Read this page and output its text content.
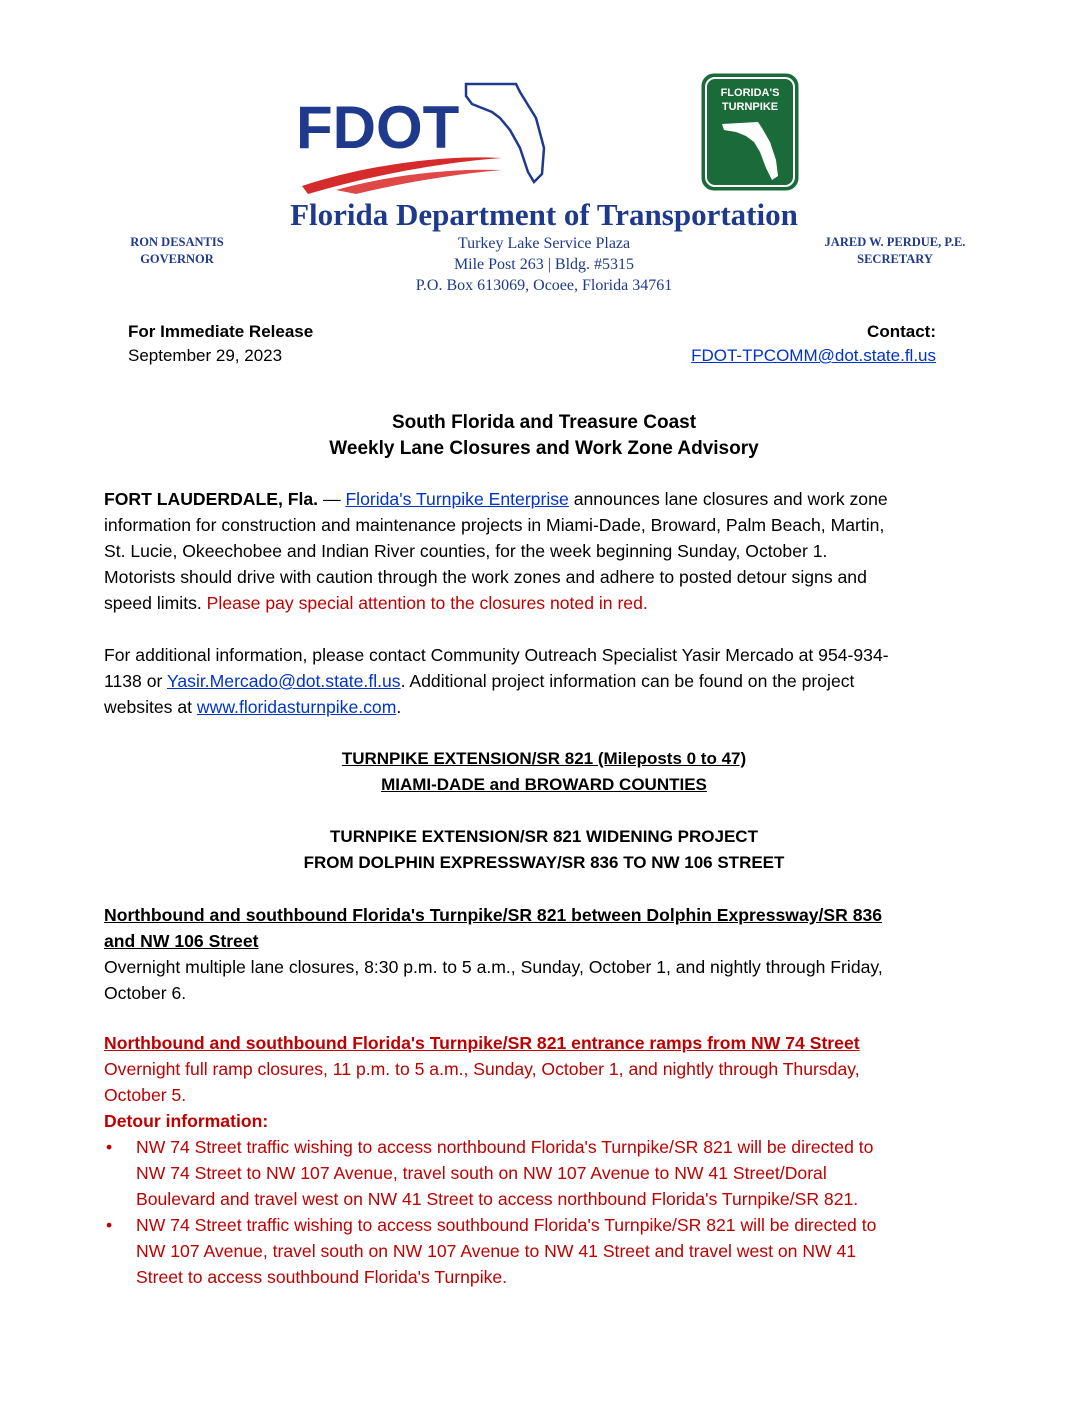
FDOT
FLORIDA'S
TURNPIKE
Florida Department of Transportation
Turkey Lake Service Plaza
Mile Post 263 | Bldg. #5315
P.O. Box 613069, Ocoee, Florida 34761
RON DESANTIS
GOVERNOR
JARED W. PERDUE, P.E.
SECRETARY
For Immediate Release
September 29, 2023
Contact:
FDOT-TPCOMM@dot.state.fl.us
South Florida and Treasure Coast
Weekly Lane Closures and Work Zone Advisory
FORT LAUDERDALE, Fla. — Florida's Turnpike Enterprise announces lane closures and work zone
information for construction and maintenance projects in Miami-Dade, Broward, Palm Beach, Martin,
St. Lucie, Okeechobee and Indian River counties, for the week beginning Sunday, October 1.
Motorists should drive with caution through the work zones and adhere to posted detour signs and
speed limits. Please pay special attention to the closures noted in red.
For additional information, please contact Community Outreach Specialist Yasir Mercado at 954-934-
1138 or Yasir.Mercado@dot.state.fl.us. Additional project information can be found on the project
websites at www.floridasturnpike.com.
TURNPIKE EXTENSION/SR 821 (Mileposts 0 to 47)
MIAMI-DADE and BROWARD COUNTIES
TURNPIKE EXTENSION/SR 821 WIDENING PROJECT
FROM DOLPHIN EXPRESSWAY/SR 836 TO NW 106 STREET
Northbound and southbound Florida's Turnpike/SR 821 between Dolphin Expressway/SR 836
and NW 106 Street
Overnight multiple lane closures, 8:30 p.m. to 5 a.m., Sunday, October 1, and nightly through Friday,
October 6.
Northbound and southbound Florida's Turnpike/SR 821 entrance ramps from NW 74 Street
Overnight full ramp closures, 11 p.m. to 5 a.m., Sunday, October 1, and nightly through Thursday,
October 5.
Detour information:
• NW 74 Street traffic wishing to access northbound Florida's Turnpike/SR 821 will be directed to
NW 74 Street to NW 107 Avenue, travel south on NW 107 Avenue to NW 41 Street/Doral
Boulevard and travel west on NW 41 Street to access northbound Florida's Turnpike/SR 821.
• NW 74 Street traffic wishing to access southbound Florida's Turnpike/SR 821 will be directed to
NW 107 Avenue, travel south on NW 107 Avenue to NW 41 Street and travel west on NW 41
Street to access southbound Florida's Turnpike.
